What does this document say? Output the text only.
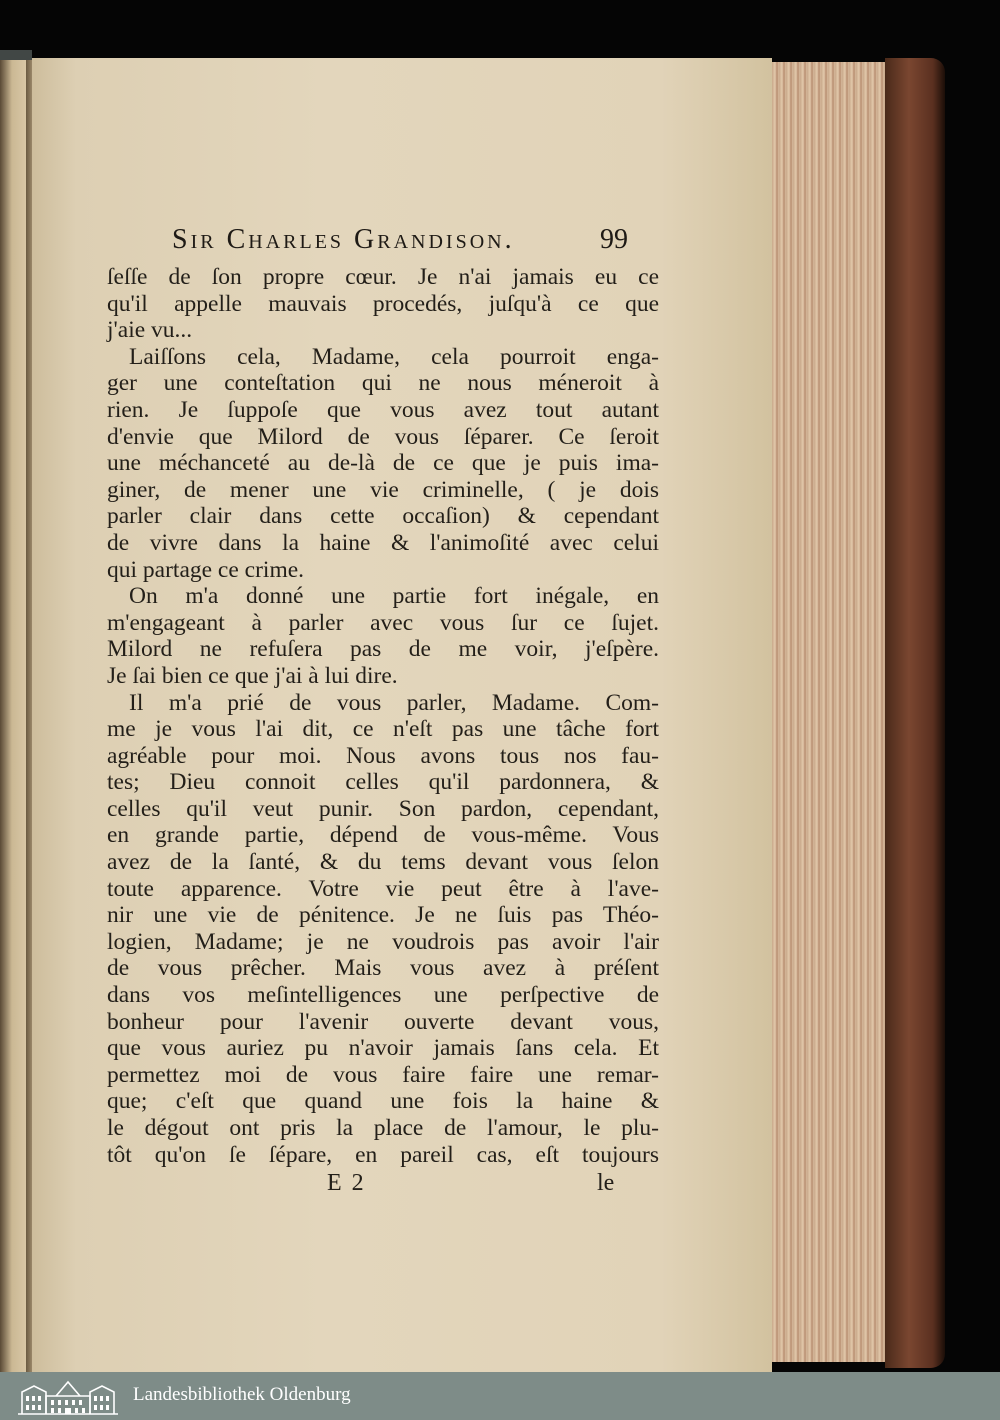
Sir Charles Grandison.	99
ſeſſe de ſon propre cœur. Je n'ai jamais eu ce
qu'il appelle mauvais procedés, juſqu'à ce que
j'aie vu...
Laiſſons cela, Madame, cela pourroit enga-
ger une conteſtation qui ne nous méneroit à
rien. Je ſuppoſe que vous avez tout autant
d'envie que Milord de vous ſéparer. Ce ſeroit
une méchanceté au de-là de ce que je puis ima-
giner, de mener une vie criminelle, ( je dois
parler clair dans cette occaſion) & cependant
de vivre dans la haine & l'animoſité avec celui
qui partage ce crime.
On m'a donné une partie fort inégale, en
m'engageant à parler avec vous ſur ce ſujet.
Milord ne refuſera pas de me voir, j'eſpère.
Je ſai bien ce que j'ai à lui dire.
Il m'a prié de vous parler, Madame. Com-
me je vous l'ai dit, ce n'eſt pas une tâche fort
agréable pour moi. Nous avons tous nos fau-
tes; Dieu connoit celles qu'il pardonnera, &
celles qu'il veut punir. Son pardon, cependant,
en grande partie, dépend de vous-même. Vous
avez de la ſanté, & du tems devant vous ſelon
toute apparence. Votre vie peut être à l'ave-
nir une vie de pénitence. Je ne ſuis pas Théo-
logien, Madame; je ne voudrois pas avoir l'air
de vous prêcher. Mais vous avez à préſent
dans vos meſintelligences une perſpective de
bonheur pour l'avenir ouverte devant vous,
que vous auriez pu n'avoir jamais ſans cela. Et
permettez moi de vous faire faire une remar-
que; c'eſt que quand une fois la haine &
le dégout ont pris la place de l'amour, le plu-
tôt qu'on ſe ſépare, en pareil cas, eſt toujours
E 2	le
Landesbibliothek Oldenburg
